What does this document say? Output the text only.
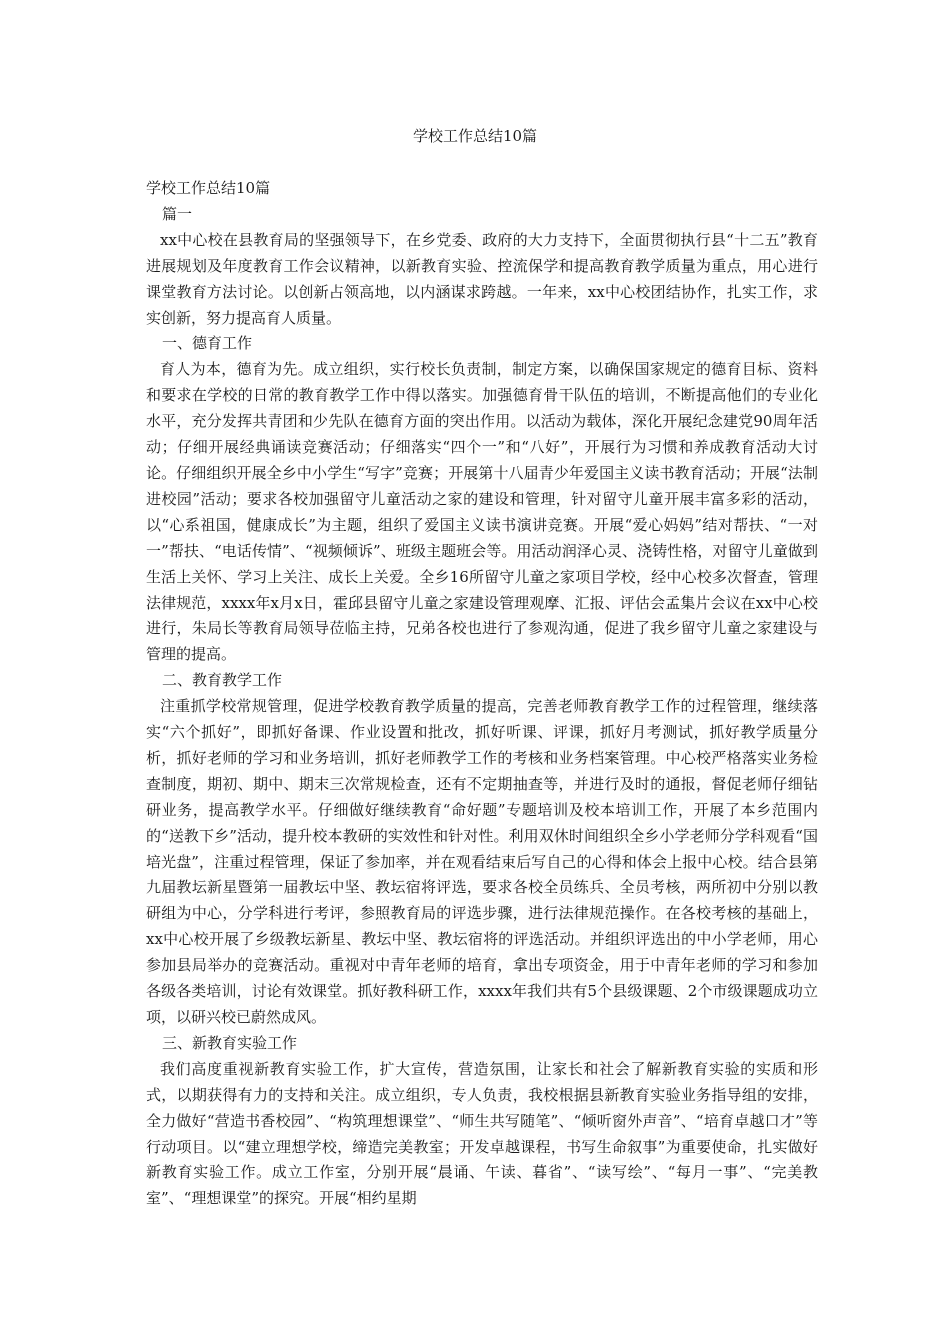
学校工作总结10篇

学校工作总结10篇

篇一

xx中心校在县教育局的坚强领导下，在乡党委、政府的大力支持下，全面贯彻执行县“十二五”教育进展规划及年度教育工作会议精神，以新教育实验、控流保学和提高教育教学质量为重点，用心进行课堂教育方法讨论。以创新占领高地，以内涵谋求跨越。一年来，xx中心校团结协作，扎实工作，求实创新，努力提高育人质量。

一、德育工作

育人为本，德育为先。成立组织，实行校长负责制，制定方案，以确保国家规定的德育目标、资料和要求在学校的日常的教育教学工作中得以落实。加强德育骨干队伍的培训，不断提高他们的专业化水平，充分发挥共青团和少先队在德育方面的突出作用。以活动为载体，深化开展纪念建党90周年活动；仔细开展经典诵读竞赛活动；仔细落实“四个一”和“八好”，开展行为习惯和养成教育活动大讨论。仔细组织开展全乡中小学生“写字”竞赛；开展第十八届青少年爱国主义读书教育活动；开展“法制进校园”活动；要求各校加强留守儿童活动之家的建设和管理，针对留守儿童开展丰富多彩的活动，以“心系祖国，健康成长”为主题，组织了爱国主义读书演讲竞赛。开展“爱心妈妈”结对帮扶、“一对一”帮扶、“电话传情”、“视频倾诉”、班级主题班会等。用活动润泽心灵、浇铸性格，对留守儿童做到生活上关怀、学习上关注、成长上关爱。全乡16所留守儿童之家项目学校，经中心校多次督查，管理法律规范，xxxx年x月x日，霍邱县留守儿童之家建设管理观摩、汇报、评估会孟集片会议在xx中心校进行，朱局长等教育局领导莅临主持，兄弟各校也进行了参观沟通，促进了我乡留守儿童之家建设与管理的提高。

二、教育教学工作

注重抓学校常规管理，促进学校教育教学质量的提高，完善老师教育教学工作的过程管理，继续落实“六个抓好”，即抓好备课、作业设置和批改，抓好听课、评课，抓好月考测试，抓好教学质量分析，抓好老师的学习和业务培训，抓好老师教学工作的考核和业务档案管理。中心校严格落实业务检查制度，期初、期中、期末三次常规检查，还有不定期抽查等，并进行及时的通报，督促老师仔细钻研业务，提高教学水平。仔细做好继续教育“命好题”专题培训及校本培训工作，开展了本乡范围内的“送教下乡”活动，提升校本教研的实效性和针对性。利用双休时间组织全乡小学老师分学科观看“国培光盘”，注重过程管理，保证了参加率，并在观看结束后写自己的心得和体会上报中心校。结合县第九届教坛新星暨第一届教坛中坚、教坛宿将评选，要求各校全员练兵、全员考核，两所初中分别以教研组为中心，分学科进行考评，参照教育局的评选步骤，进行法律规范操作。在各校考核的基础上，xx中心校开展了乡级教坛新星、教坛中坚、教坛宿将的评选活动。并组织评选出的中小学老师，用心参加县局举办的竞赛活动。重视对中青年老师的培育，拿出专项资金，用于中青年老师的学习和参加各级各类培训，讨论有效课堂。抓好教科研工作，xxxx年我们共有5个县级课题、2个市级课题成功立项，以研兴校已蔚然成风。

三、新教育实验工作

我们高度重视新教育实验工作，扩大宣传，营造氛围，让家长和社会了解新教育实验的实质和形式，以期获得有力的支持和关注。成立组织，专人负责，我校根据县新教育实验业务指导组的安排，全力做好“营造书香校园”、“构筑理想课堂”、“师生共写随笔”、“倾听窗外声音”、“培育卓越口才”等行动项目。以“建立理想学校，缔造完美教室；开发卓越课程，书写生命叙事”为重要使命，扎实做好新教育实验工作。成立工作室，分别开展“晨诵、午读、暮省”、“读写绘”、“每月一事”、“完美教室”、“理想课堂”的探究。开展“相约星期
